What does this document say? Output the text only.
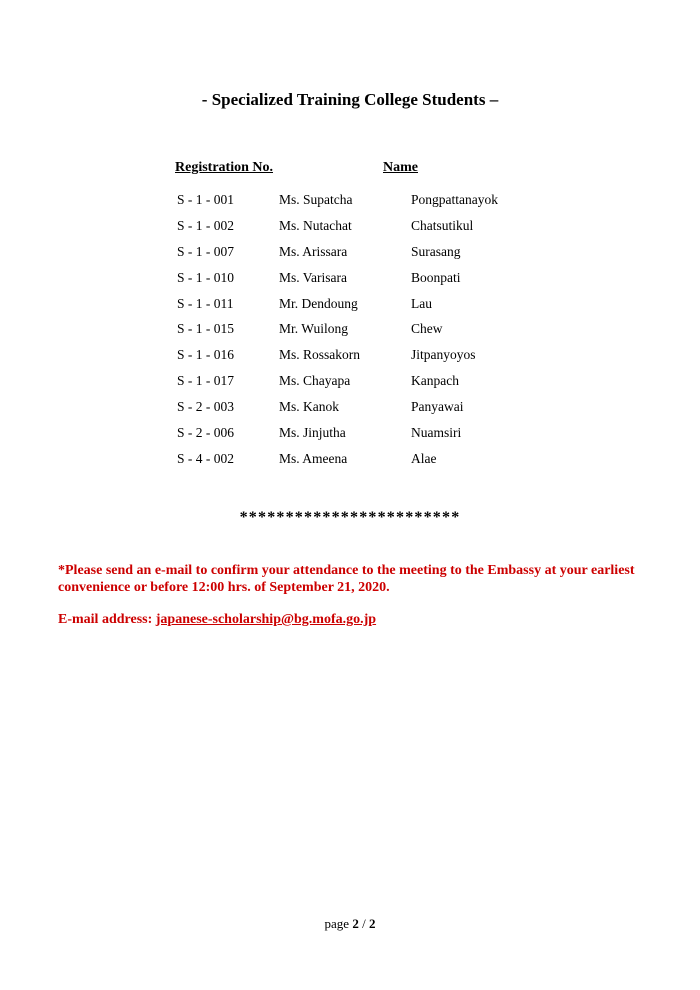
- Specialized Training College Students –
Registration No.	Name
S - 1 - 001	Ms. Supatcha	Pongpattanayok
S - 1 - 002	Ms. Nutachat	Chatsutikul
S - 1 - 007	Ms. Arissara	Surasang
S - 1 - 010	Ms. Varisara	Boonpati
S - 1 - 011	Mr. Dendoung	Lau
S - 1 - 015	Mr. Wuilong	Chew
S - 1 - 016	Ms. Rossakorn	Jitpanyoyos
S - 1 - 017	Ms. Chayapa	Kanpach
S - 2 - 003	Ms. Kanok	Panyawai
S - 2 - 006	Ms. Jinjutha	Nuamsiri
S - 4 - 002	Ms. Ameena	Alae
************************
*Please send an e-mail to confirm your attendance to the meeting to the Embassy at your earliest convenience or before 12:00 hrs. of September 21, 2020.
E-mail address: japanese-scholarship@bg.mofa.go.jp
page 2 / 2
